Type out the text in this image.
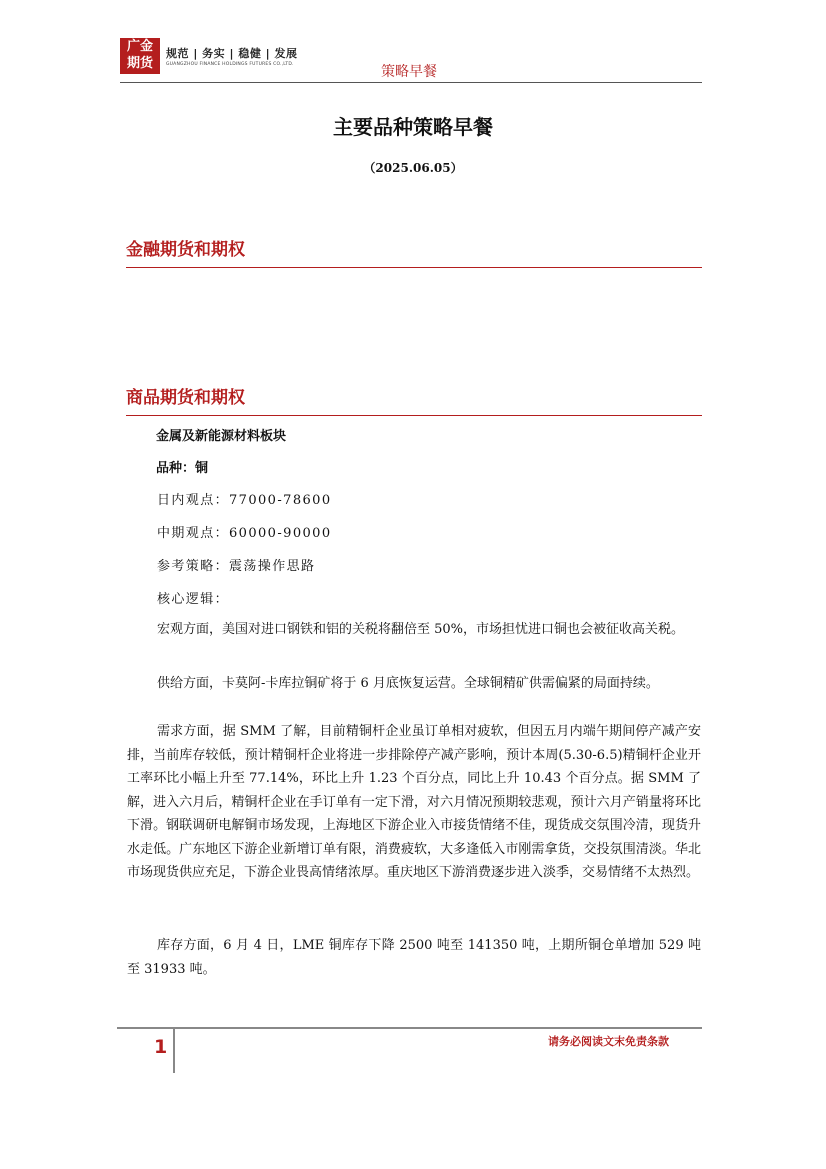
广金
期货
规范 | 务实 | 稳健 | 发展
GUANGZHOU FINANCE HOLDINGS FUTURES CO.,LTD.	策略早餐
主要品种策略早餐
（2025.06.05）
金融期货和期权
商品期货和期权
金属及新能源材料板块
品种：铜
日内观点：77000-78600
中期观点：60000-90000
参考策略：震荡操作思路
核心逻辑：

宏观方面，美国对进口钢铁和铝的关税将翻倍至 50%，市场担忧进口铜也会被征收高关税。

供给方面，卡莫阿-卡库拉铜矿将于 6 月底恢复运营。全球铜精矿供需偏紧的局面持续。

需求方面，据 SMM 了解，目前精铜杆企业虽订单相对疲软，但因五月内端午期间停产减产安排，当前库存较低，预计精铜杆企业将进一步排除停产减产影响，预计本周(5.30-6.5)精铜杆企业开工率环比小幅上升至 77.14%，环比上升 1.23 个百分点，同比上升 10.43 个百分点。据 SMM 了解，进入六月后，精铜杆企业在手订单有一定下滑，对六月情况预期较悲观，预计六月产销量将环比下滑。钢联调研电解铜市场发现，上海地区下游企业入市接货情绪不佳，现货成交氛围冷清，现货升水走低。广东地区下游企业新增订单有限，消费疲软，大多逢低入市刚需拿货，交投氛围清淡。华北市场现货供应充足，下游企业畏高情绪浓厚。重庆地区下游消费逐步进入淡季，交易情绪不太热烈。

库存方面，6 月 4 日，LME 铜库存下降 2500 吨至 141350 吨，上期所铜仓单增加 529 吨至 31933 吨。

1	请务必阅读文末免责条款
